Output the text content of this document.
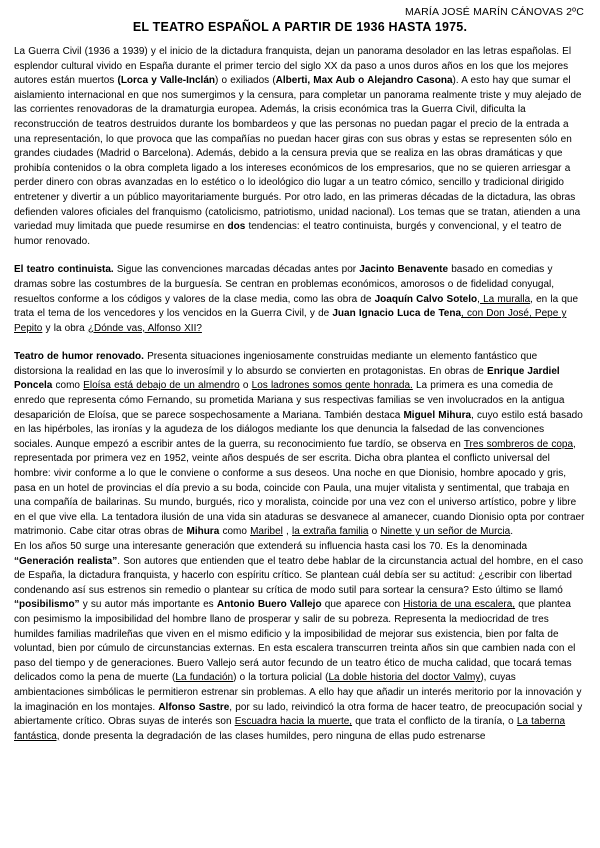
MARÍA JOSÉ MARÍN CÁNOVAS 2ºC
EL TEATRO ESPAÑOL A PARTIR DE 1936 HASTA 1975.

La Guerra Civil (1936 a 1939) y el inicio de la dictadura franquista, dejan un panorama desolador en las letras españolas. El esplendor cultural vivido en España durante el primer tercio del siglo XX da paso a unos duros años en los que los mejores autores están muertos (Lorca y Valle-Inclán) o exiliados (Alberti, Max Aub o Alejandro Casona). A esto hay que sumar el aislamiento internacional en que nos sumergimos y la censura, para completar un panorama realmente triste y muy alejado de las corrientes renovadoras de la dramaturgia europea. Además, la crisis económica tras la Guerra Civil, dificulta la reconstrucción de teatros destruidos durante los bombardeos y que las personas no puedan pagar el precio de la entrada a una representación, lo que provoca que las compañías no puedan hacer giras con sus obras y estas se representen sólo en grandes ciudades (Madrid o Barcelona). Además, debido a la censura previa que se realiza en las obras dramáticas y que prohibía contenidos o la obra completa ligado a los intereses económicos de los empresarios, que no se quieren arriesgar a perder dinero con obras avanzadas en lo estético o lo ideológico dio lugar a un teatro cómico, sencillo y tradicional dirigido entretener y divertir a un público mayoritariamente burgués. Por otro lado, en las primeras décadas de la dictadura, las obras defienden valores oficiales del franquismo (catolicismo, patriotismo, unidad nacional). Los temas que se tratan, atienden a una variedad muy limitada que puede resumirse en dos tendencias: el teatro continuista, burgés y convencional, y el teatro de humor renovado.

El teatro continuista. Sigue las convenciones marcadas décadas antes por Jacinto Benavente basado en comedias y dramas sobre las costumbres de la burguesía. Se centran en problemas económicos, amorosos o de fidelidad conyugal, resueltos conforme a los códigos y valores de la clase media, como las obra de Joaquín Calvo Sotelo, La muralla, en la que trata el tema de los vencedores y los vencidos en la Guerra Civil, y de Juan Ignacio Luca de Tena, con Don José, Pepe y Pepito y la obra ¿Dónde vas, Alfonso XII?

Teatro de humor renovado. Presenta situaciones ingeniosamente construidas mediante un elemento fantástico que distorsiona la realidad en las que lo inverosímil y lo absurdo se convierten en protagonistas. En obras de Enrique Jardiel Poncela como Eloísa está debajo de un almendro o Los ladrones somos gente honrada. La primera es una comedia de enredo que representa cómo Fernando, su prometida Mariana y sus respectivas familias se ven involucrados en la antigua desaparición de Eloísa, que se parece sospechosamente a Mariana. También destaca Miguel Mihura, cuyo estilo está basado en las hipérboles, las ironías y la agudeza de los diálogos mediante los que denuncia la falsedad de las convenciones sociales. Aunque empezó a escribir antes de la guerra, su reconocimiento fue tardío, se observa en Tres sombreros de copa, representada por primera vez en 1952, veinte años después de ser escrita. Dicha obra plantea el conflicto universal del hombre: vivir conforme a lo que le conviene o conforme a sus deseos. Una noche en que Dionisio, hombre apocado y gris, pasa en un hotel de provincias el día previo a su boda, coincide con Paula, una mujer vitalista y sentimental, que trabaja en una compañía de bailarinas. Su mundo, burgués, rico y moralista, coincide por una vez con el universo artístico, pobre y libre en el que vive ella. La tentadora ilusión de una vida sin ataduras se desvanece al amanecer, cuando Dionisio opta por contraer matrimonio. Cabe citar otras obras de Mihura como Maribel , la extraña familia o Ninette y un señor de Murcia.

En los años 50 surge una interesante generación que extenderá su influencia hasta casi los 70. Es la denominada “Generación realista”. Son autores que entienden que el teatro debe hablar de la circunstancia actual del hombre, en el caso de España, la dictadura franquista, y hacerlo con espíritu crítico. Se plantean cuál debía ser su actitud: ¿escribir con libertad condenando así sus estrenos sin remedio o plantear su crítica de modo sutil para sortear la censura? Esto último se llamó “posibilismo” y su autor más importante es Antonio Buero Vallejo que aparece con Historia de una escalera, que plantea con pesimismo la imposibilidad del hombre llano de prosperar y salir de su pobreza. Representa la mediocridad de tres humildes familias madrileñas que viven en el mismo edificio y la imposibilidad de mejorar sus existencia, bien por falta de voluntad, bien por cúmulo de circunstancias externas. En esta escalera transcurren treinta años sin que cambien nada con el paso del tiempo y de generaciones. Buero Vallejo será autor fecundo de un teatro ético de mucha calidad, que tocará temas delicados como la pena de muerte (La fundación) o la tortura policial (La doble historia del doctor Valmy), cuyas ambientaciones simbólicas le permitieron estrenar sin problemas. A ello hay que añadir un interés meritorio por la innovación y la imaginación en los montajes. Alfonso Sastre, por su lado, reivindicó la otra forma de hacer teatro, de preocupación social y abiertamente crítico. Obras suyas de interés son Escuadra hacia la muerte, que trata el conflicto de la tiranía, o La taberna fantástica, donde presenta la degradación de las clases humildes, pero ninguna de ellas pudo estrenarse
